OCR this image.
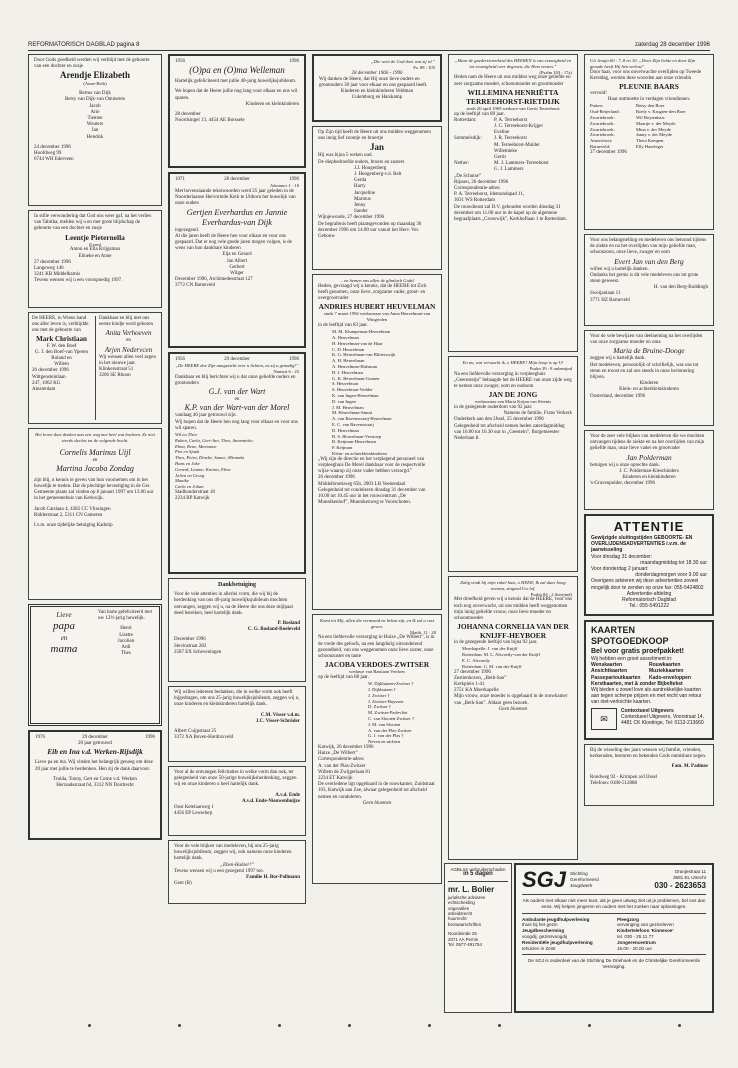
REFORMATORISCH DAGBLAD pagina 8	zaterdag 28 december 1996
Door Gods goedheid werden wij verblijd met de geboorte van een dochter en zusje
Arendje Elizabeth
(Anne-Beth)
Bertus van Dijk
Betsy van Dijk-van Ommeren
Jacob
Arie
Tiemen
Wouters
Jan
Hendrik
24 december 1996
Hoofdweg 99
6744 WH Ederveen
In stille verwondering dat God ons weer gaf, na het verlies van Tabitha, melden wij u en met grote blijdschap de geboorte van een dochter en zusje
Leentje Pieternella
(Lynn)
Anton en Ella Krijgsman
Elineke en Anne
27 december 1996
Langeweg 146
3241 KB Middelharnis
Tevens wensen wij u een voorspoedig 1997.
De HEERE, in Wiens hand ons aller leven is, verblijdde ons met de geboorte van
Mark Christiaan
F. W. den Boef
G. J. den Boef-van Yperen
Roland en
Willem
26 december 1996
Wittgensteinlaan
247, 1062 KG
Amsterdam
Dankbaar en blij met ons eerste kindje werd geboren
Anita Verhoeven
en
Arjen Nedervcen
Wij wensen allen veel zegen in het nieuwe jaar.
Klinkersstraat 51
3206 SE Rhoon
Het leven doet denken aan een weg met heel wat bochten. Ze niet steeds slechts tot de volgende bocht.
Cornelis Marinus Uijl
en
Martina Jacoba Zondag
zijn blij, u kennis te geven van hun voornemen om in het huwelijk te treden. Dat de plechtige bevestiging in de Ger. Gemeente plaats zal vinden op 8 januari 1997 om 13.00 uur in het gemeentehuis van Kerkwijk.
Jacob Catslaan 4, 4382 CC Vlissingen
Ridderstraat 2, 5311 CN Gameren
I.v.m. onze tijdelijke betuiging Kadotip
Lieve
papa
en
mama
Van harte gefeliciteerd met uw 12½-jarig huwelijk.
Henri
Lisette
Jacolien
Ardi
Thes
1976	29 december	1996
20 jaar getrouwd
Eib en Ina v.d. Werken-Rijsdijk
Lieve pa en ma. Wij vinden het belangrijk genoeg om deze 20 jaar met jullie te herdenken. Hen zij de dank daarvoor.
Truida, Tonny, Gert en Corne v.d. Werken
Herraadsstraat 64, 3312 NN Dordrecht
1956	1996
(O)pa en (O)ma Welleman
Hartelijk gefeliciteerd met jullie 40-jarig huwelijksjubileum.
We hopen dat de Heere jullie nog lang voor elkaar en ons wil sparen.
Kinderen en kleinkinderen
28 december
Noordsingel 13, 4454 AE Borssele
1971	28 december	1996
Johannes 1 : 16
Met bovenstaande tekstwoorden werd 25 jaar geleden in de Noorderlaanse Hervormde Kerk te Uithorn het huwelijk van onze ouders
Gertjen Everhardus en Jannie Everhardus-van Dijk
ingezegend.
Al die jaren heeft de Heere hen voor elkaar en voor ons gespaard. Dat er nog vele goede jaren mogen volgen, is de wens van hun dankbare kinderen
Elja en Gerard
Jan Albert
Gerbert
Wilger
December 1996, Archimedesstraat 127
3772 CN Barneveld
1956	29 december	1996
„De HEERE doe Zijn aangezicht over u lichten, en zij u genadig!”
Numeri 6 : 25
Dankbaar en blij berichten wij u dat onze geliefde ouders en grootouders
G.J. van der Wart
en
K.P. van der Wart-van der Morel
vandaag 40 jaar getrouwd zijn.
Wij hopen dat de Heere hen nog lang voor elkaar en voor ons wil sparen.
Wil en Theo
Ruben, Carla, Gert-Jan, Theo, Annemieke,
Elma, Rene, Marianne
Piet en Sjaak
Theo, Petra, Dineke, Sanne, Miranda
Hans en Joke
Gerard, Lianne, Karina, Eline
Jolien en Georg
Maaike
Carla en Johan
Stadhouderstraat 18
2234 BP Katwijk
Dankbetuiging
Voor de vele attenties in allerlei vorm, die wij bij de herdenking van ons 40-jarig huwelijksjubileum mochten ontvangen, zeggen wij u, na de Heere die ons deze mijlpaal deed bereiken, heel hartelijk dank.
P. Bosland
C. G. Bosland-Roeleveld
December 1996
Stevinstraat 282
2587 EX Scheveningen
Wij willen iedereen bedanken, die in welke vorm ook heeft bijgedragen, om ons 25-jarig huwelijksjubileum, zeggen wij u, onze kinderen en kleinkinderen hartelijk dank.
C.M. Visser v.d.m.
J.C. Visser-Schröder
Albert Cuijpstraat 25
3372 XA Boven-Hardinxveld
Voor al de ontvangen felicitaties in welke vorm dan ook, ter gelegenheid van onze 50-jarige huwelijksherdenking, zeggen wij en onze kinderen u heel hartelijk dank.
A.v.d. Ende
A.v.d. Ende-Nieuwenhuijze
Oost Ketelaarweg 1
4456 EP Lewedorp
Voor de vele blijken van medeleven, bij ons 25-jarig huwelijksjubileum, zeggen wij, ook namens onze kinderen hartelijk dank.
„Eben-Haëzer!”
Tevens wensen wij u een gezegend 1997 toe.
Familie H. Bor-Pollmann
Gent (B)
„Die weet de God doet wat zij is!”
Ps. 88 : 105
28 december 1966 - 1996
Wij danken de Heere, dat Hij onze lieve ouders en grootouders 30 jaar voor elkaar en ons gespaard heeft.
Kinderen en kleinkinderen Veldman
Culemborg en Harskamp
Op Zijn tijd heeft de Heere uit ons midden weggenomen ons innig lief zoontje en broertje
Jan
Hij was bijna 5 weken oud.
De diepbedroefde ouders, broers en zusters
J.J. Hoogenberg
J. Hoogenberg-v.d. Belt
Gerda
Harry
Jacqueline
Marinus
Jenny
Sander
Wijnjewoude, 27 december 1996
De begrafenis heeft plaatsgevonden op maandag 30 december 1996 om 14.00 uur vanuit het Herv. Ver. Gebouw
... en hemen ons allen de glimlach Gods!
Heden, gevraagd wij u kennis, dat de HEERE tot Zich heeft genomen, onze lieve, zorgzame vader, groot- en overgrootvader
ANDRIES HUBERT HEUVELMAN
sinds 7 maart 1994 weduwnaar van Anna Heuvelman-van Wingerden
in de leeftijd van 83 jaar.
M. M. Klumpenaar-Heuvelman
A. Heuvelman
H. Heuvelman-van de Haar
C. D. Heuvelman
K. G. Heuvelman-van Blitterswijk
A. H. Heuvelman
A. Heuvelman-Hulsman
H. J. Heuvelman
G. K. Heuvelman-Gomen
S. Heuvelman
S. Heuvelman-Vedder
K. van Ingen-Heuvelman
D. van Ingen
J. M. Heuvelman
M. Heuvelman-Smint
A. van Ravenswaaij-Heuvelman
E. C. van Ravenswaaij
D. Heuvelman
B. S. Heuvelman-Verstoep
B. Keijman-Heuvelman
P. Keijman
Klein- en achterkleinkinderen
„Wij zijn de directie en het verplegend personeel van verpleeghuis De Merel dankbaar voor de respectvolle wijze waarop zij onze vader hebben verzorgd.”
26 december 1996
Middelbroekweg 65b, 2003 LB Veenendaal
Gelegenheid tot condoleren dinsdag 31 december van 10.00 tot 10.45 uur in het rouwcentrum „De Munnikenhof”, Munnikenweg te Voorschoten.
Komt tot Mij, allen die vermoeid en belast zijt, en Ik zal u rust geven.
Matth. 11 : 28
Na een liefdevolle verzorging in Huize „De Wilbert”, is in de vrede des geloofs, na een langdurig uitzonderend gezondheid, van ons weggenomen onze lieve zuster, onze schoonzuster en tante
JACOBA VERDOES-ZWITSER
weduwe van Bastiaan Verdoes
op de leeftijd van 88 jaar.
W. Dijkhuizen-Zwitser †
J. Dijkhuizen †
J. Zwitser †
J. Zwitser-Huyssen
D. Zwitser †
M. Zwitser-Parlevliet
C. van Slooten-Zwitser †
J. M. van Slooten
A. van der Plas-Zwitser
G. J. van der Plas †
Neven en nichten
Katwijk, 26 december 1996
Huize „De Wilbert”
Correspondentie-adres:
A. van der Plas-Zwitser
Willem de Zwijgerlaan 81
2234 ET Katwijk
De overledene ligt opgebaard in de rouwkamer, Zuidstraat 103, Katwijk aan Zee, alwaar gelegenheid tot afscheid nemen en condoleren.
Geen bloemen
„Maar de goedertierenheid des HEEREN is van eeuwigheid en tot eeuwigheid over degenen, die Hem vrezen.”
(Psalm 103 : 17a)
Heden nam de Heere uit ons midden weg onze geliefde en zeer zorgzame moeder, schoonmoeder en grootmoeder
WILLEMINA HENRIËTTA TERREEHORST-RIETDIJK
sinds 20 april 1969 weduwe van Gerrit Terreehorst
op de leeftijd van 89 jaar.
Rotterdam:	P. A. Terreehorst
J. C. Terreehorst-Krijger
Eveline
Sommelsdijk:	J. R. Terreehorst
M. Terreehorst-Mulder
Willemieke
Gerrit
Nether:	M. J. Lammers-Terreehorst
G. J. Lammers
„De Schutse”
Rijssen, 26 december 1996
Correspondentie-adres:
P. A. Terreehorst, Idemundapad 11,
3031 WS Rotterdam
De rouwdienst zal D.V. gehouden worden dinsdag 31 december om 11.00 uur in de kapel op de algemene begraafplaats „Crooswijk”, Kerkhoflaan 1 te Rotterdam.
En nu, wat verwacht ik, o HEERE? Mijn hoop is op U!
Psalm 39 : 8 onbenijnd
Na een liefdevolle verzorging in verpleeghuis „Geeresteijn” behaagde het de HEERE van onze zijde weg te nemen onze zwager, oom en oudoom
JAN DE JONG
weduwnaar van Maria Krijna van Sleenis
in de gezegende ouderdom van 92 jaar.
Namens de familie, Frans Verkerk
Ouderkerk aan den IJssel, 25 december 1996
Gelegenheid tot afscheid nemen heden zaterdagmiddag van 16.00 tot 16.30 uur in „Geestein”, Burgemeester Nederlaan 8.
Zalig vindt hij mijn enkel huis, o HEER; Ik zal daar hoog roemen, zingend Uw lof.
Psalm 84 : 2 (berijmd)
Met droefheid geven wij u kennis dat de HEERE, voor ons toch nog onverwacht, uit ons midden heeft weggenomen mijn innig geliefde vrouw, onze lieve moeder en schoonmoeder
JOHANNA CORNELIA VAN DER KNIJFF-HEYBOER
in de gezegende leeftijd van bijna 92 jaar.
Moerkapelle: J. van der Knijff
Rotterdam: M. L. Alsvoedy-van der Knijff
E. C. Alsvoedy
Rotterdam: C. M. van der Knijff
27 december 1996
Zestienhoven, „Beth-San”
Kerkplein 1-41
2751 KA Moerkapelle
Mijn vrouw, onze moeder is opgebaard in de rouwkamer van „Beth-San”. Aldaar geen bezoek.
Geen bloemen
Uit Jesaja 60 : 7, 8 en 10: „Door Zijn lichte en door Zijn genade heeft Hij hen verlost”
Door haar, voor ons onverwachte overlijden op Tweede Kerstdag, werden deze woorden aan onze vriendin
PLEUNIE BAARS
vervuld!
Haar ontmoette in verdagen vriendinnen:
Putten:	Betsy den Boer
Oud-Beijerland:	Roely v. Krugten-den Boer
Zwartebroek:	Wil Boytenbais
Zwartebroek:	Maartje v. der Meyde
Zwartebroek:	Mina v. der Meyde
Zwartebroek:	Janny v. der Meyde
Amersfoort:	Thera Kempen
Barneveld:	Elly Hazeleger
27 december 1996
Voor ons belangstelling en medeleven ons betoond tijdens de ziekte en na het overlijden van mijn geliefde man, schoonzoon, onze lieve, zwager en oom
Evert Jan van den Berg
willen wij u hartelijk danken.
Ondanks het gemis is dit vele medeleven ons tot grote steun geweest.
H. van den Berg-Buddingh
Sweijanlaan 11
3771 HZ Barneveld
Voor de vele bewijzen van deelneming na het overlijden van onze zorgzame moeder en oma
Maria de Bruine-Dooge
zeggen wij u hartelijk dank.
Het medeleven, persoonlijk of schriftelijk, was ons tot steun en troost en zal ons steeds in onze herinnering blijven.
Kinderen
Klein- en achterkleinkinderen
Oosterland, december 1996
Voor de zeer vele blijken van medeleven die we mochten ontvangen tijdens de ziekte en na het overlijden van mijn geliefde man, onze lieve vader en grootvader
Jan Polderman
betuigen wij u onze oprechte dank.
J. C. Polderman-Kleschinders
Kinderen en kleinkinderen
's-Gravenpolder, december 1996
ATTENTIE
Gewijzigde sluitingstijden GEBOORTE- EN OVERLIJDENSADVERTENTIES i.v.m. de jaarwisseling
Voor dinsdag 31 december:
maandagmiddag tot 18.30 uur
Voor donderdag 2 januari:
donderdagmorgen voor 9.00 uur
Overigens advieren wij deze advertenties zoveel mogelijk door te zenden op onze fax: 055-5424802
Advertentie-afdeling
Reformatorisch Dagblad
Tel.: 055-5491222
KAARTEN SPOTGOEDKOOP
Bel voor gratis proefpakket!
Wij hebben een groot assortiment in:
Wenskaarten
Ansichtkaarten
Passepartoutkaarten
Rouwkaarten
Muziekkaarten
Kado-enveloppen
Kerstkaarten, met & zonder Bijbeltekst
Wij bieden u zowel love als aantrekkelijke kaarten aan tegen scherpe prijzen en met recht van retour van niet-verkochte kaarten.
✉
Contextueel Uitgevers
Contextueel Uitgevers, Voorstraat 14, 4481 CK Kloetinge, Tel: 0113-213660
Bij de wisseling des jaars wensen wij familie, vrienden, kerkeraden, besturen en bekenden Gods onmisbare zegen.
Fam. M. Padmos
Rondweg 92 - Krimpen a/d IJssel
Telefoon: 0180-512888
AGBLAS verbruikerschaden
in 5 dagen
mr. L. Bolier
juridische adviezen
echtscheiding
ongevallen
arbeidsrecht
huurrecht
bezwaarschriften
Noordeinde 25
2071 AA Pernis
Tel. 0577-491754
SGJ Stichting Gereformeerd Jeugdwerk
Oranjestraat 11
3581 EL Utrecht
030 - 2623653
Als ouders met elkaar niet meer kunt, als je geen uitweg ziet uit je problemen, bel ons dan eens. Wij helpen jongeren en ouders met het zoeken naar oplossingen.
Ambulante jeugdhulpverlening
thuis bij het gezin
Jeugdbescherming
voogdij, gezinsvoogdij
Residentiële jeugdhulpverlening
tehuizen in Zeist
Pleegzorg
vervanging van gezinsleven
Kindertelefoon 'Kinnesoe'
tel. 030 - 25 11 77
Jongerencentrum
15.00 - 20.00 uur
De SGJ is onderdeel van de Stichting De Driehoek en de Christelijke Gereformeerde Vereniging.
